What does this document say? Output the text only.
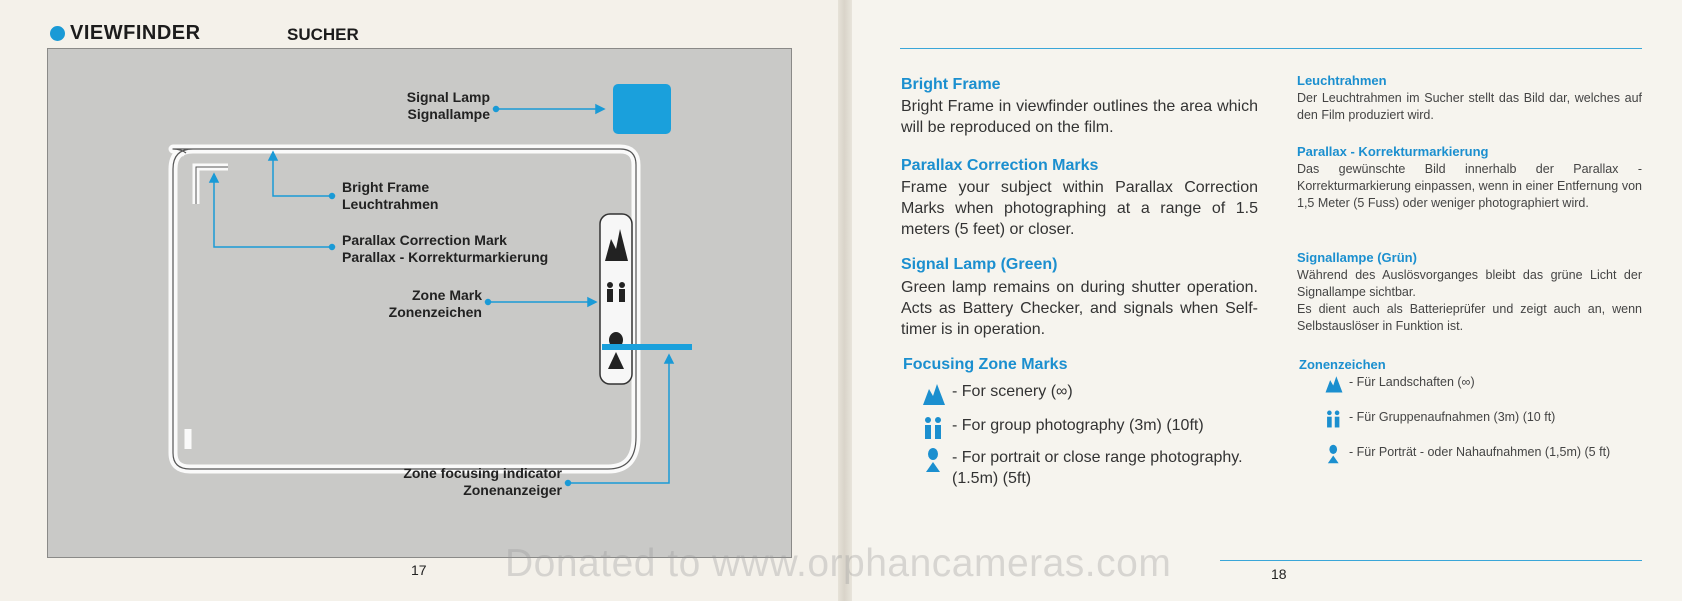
VIEWFINDER	SUCHER
Signal Lamp
Signallampe
Bright Frame
Leuchtrahmen
Parallax Correction Mark
Parallax - Korrekturmarkierung
Zone Mark
Zonenzeichen
Zone focusing indicator
Zonenanzeiger
17
Bright Frame
Bright Frame in viewfinder outlines the area which will be reproduced on the film.
Parallax Correction Marks
Frame your subject within Parallax Correction Marks when photographing at a range of 1.5 meters (5 feet) or closer.
Signal Lamp (Green)
Green lamp remains on during shutter operation. Acts as Battery Checker, and signals when Self-timer is in operation.
Focusing Zone Marks
- For scenery (∞)
- For group photography (3m) (10ft)
- For portrait or close range photography. (1.5m) (5ft)
Leuchtrahmen
Der Leuchtrahmen im Sucher stellt das Bild dar, welches auf den Film produziert wird.
Parallax - Korrekturmarkierung
Das gewünschte Bild innerhalb der Parallax - Korrekturmarkierung einpassen, wenn in einer Entfernung von 1,5 Meter (5 Fuss) oder weniger photographiert wird.
Signallampe (Grün)
Während des Auslösvorganges bleibt das grüne Licht der Signallampe sichtbar.
Es dient auch als Batterieprüfer und zeigt auch an, wenn Selbstauslöser in Funktion ist.
Zonenzeichen
- Für Landschaften (∞)
- Für Gruppenaufnahmen (3m) (10 ft)
- Für Porträt - oder Nahaufnahmen (1,5m) (5 ft)
18
Donated to www.orphancameras.com
